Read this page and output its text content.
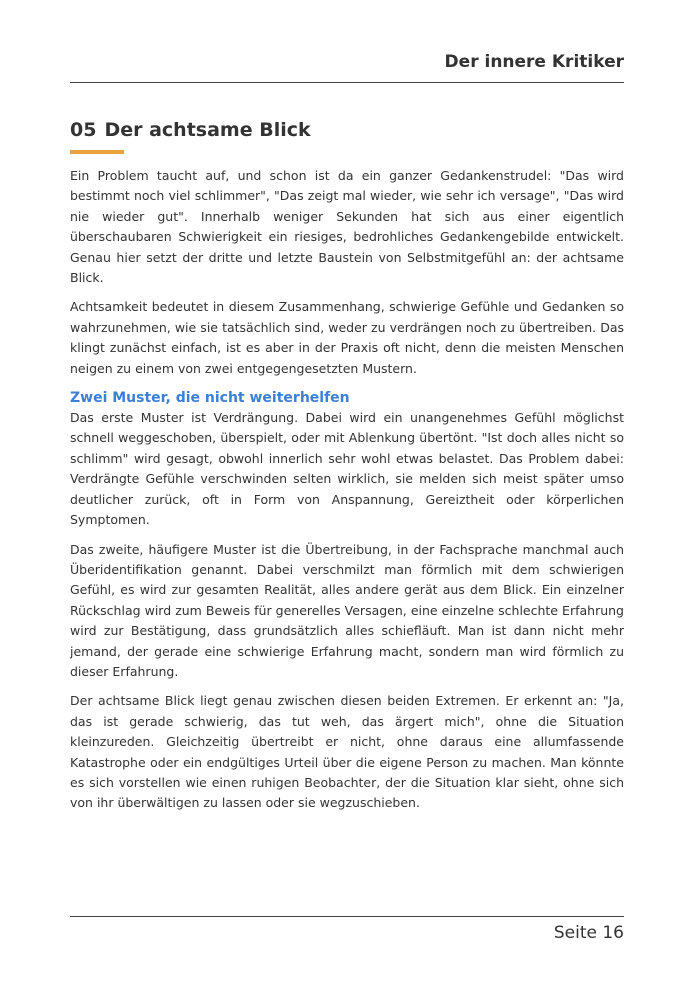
Der innere Kritiker
05 Der achtsame Blick

Ein Problem taucht auf, und schon ist da ein ganzer Gedankenstrudel: "Das wird bestimmt noch viel schlimmer", "Das zeigt mal wieder, wie sehr ich versage", "Das wird nie wieder gut". Innerhalb weniger Sekunden hat sich aus einer eigentlich überschaubaren Schwierigkeit ein riesiges, bedrohliches Gedankengebilde entwickelt. Genau hier setzt der dritte und letzte Baustein von Selbstmitgefühl an: der achtsame Blick.

Achtsamkeit bedeutet in diesem Zusammenhang, schwierige Gefühle und Gedanken so wahrzunehmen, wie sie tatsächlich sind, weder zu verdrängen noch zu übertreiben. Das klingt zunächst einfach, ist es aber in der Praxis oft nicht, denn die meisten Menschen neigen zu einem von zwei entgegengesetzten Mustern.

Zwei Muster, die nicht weiterhelfen

Das erste Muster ist Verdrängung. Dabei wird ein unangenehmes Gefühl möglichst schnell weggeschoben, überspielt, oder mit Ablenkung übertönt. "Ist doch alles nicht so schlimm" wird gesagt, obwohl innerlich sehr wohl etwas belastet. Das Problem dabei: Verdrängte Gefühle verschwinden selten wirklich, sie melden sich meist später umso deutlicher zurück, oft in Form von Anspannung, Gereiztheit oder körperlichen Symptomen.

Das zweite, häufigere Muster ist die Übertreibung, in der Fachsprache manchmal auch Überidentifikation genannt. Dabei verschmilzt man förmlich mit dem schwierigen Gefühl, es wird zur gesamten Realität, alles andere gerät aus dem Blick. Ein einzelner Rückschlag wird zum Beweis für generelles Versagen, eine einzelne schlechte Erfahrung wird zur Bestätigung, dass grundsätzlich alles schiefläuft. Man ist dann nicht mehr jemand, der gerade eine schwierige Erfahrung macht, sondern man wird förmlich zu dieser Erfahrung.

Der achtsame Blick liegt genau zwischen diesen beiden Extremen. Er erkennt an: "Ja, das ist gerade schwierig, das tut weh, das ärgert mich", ohne die Situation kleinzureden. Gleichzeitig übertreibt er nicht, ohne daraus eine allumfassende Katastrophe oder ein endgültiges Urteil über die eigene Person zu machen. Man könnte es sich vorstellen wie einen ruhigen Beobachter, der die Situation klar sieht, ohne sich von ihr überwältigen zu lassen oder sie wegzuschieben.

Seite 16
